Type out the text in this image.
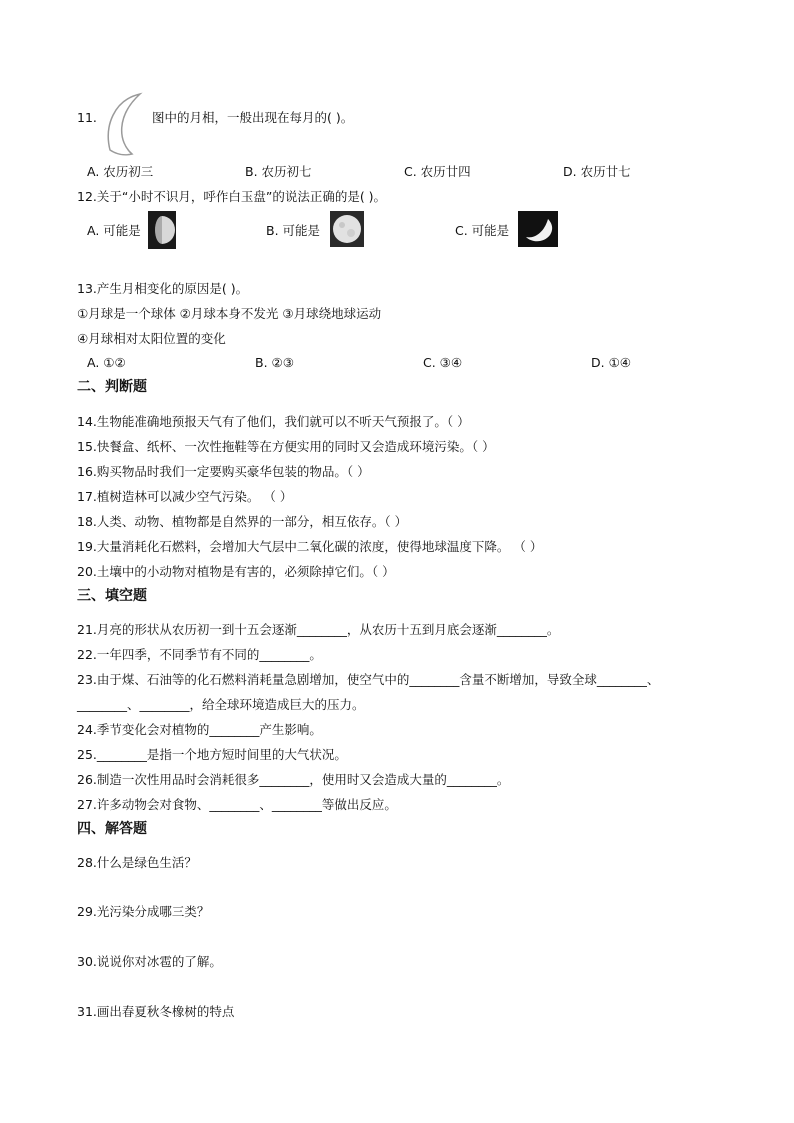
11.	图中的月相，一般出现在每月的( )。
A. 农历初三	B. 农历初七	C. 农历廿四	D. 农历廿七
12.关于“小时不识月，呼作白玉盘”的说法正确的是( )。
A. 可能是	B. 可能是	C. 可能是
13.产生月相变化的原因是( )。
①月球是一个球体 ②月球本身不发光 ③月球绕地球运动
④月球相对太阳位置的变化
A. ①②	B. ②③	C. ③④	D. ①④
二、判断题
14.生物能准确地预报天气有了他们，我们就可以不听天气预报了。（ ）
15.快餐盒、纸杯、一次性拖鞋等在方便实用的同时又会造成环境污染。（ ）
16.购买物品时我们一定要购买豪华包装的物品。（ ）
17.植树造林可以减少空气污染。 （ ）
18.人类、动物、植物都是自然界的一部分，相互依存。（ ）
19.大量消耗化石燃料，会增加大气层中二氧化碳的浓度，使得地球温度下降。 （ ）
20.土壤中的小动物对植物是有害的，必须除掉它们。（ ）
三、填空题
21.月亮的形状从农历初一到十五会逐渐________，从农历十五到月底会逐渐________。
22.一年四季，不同季节有不同的________。
23.由于煤、石油等的化石燃料消耗量急剧增加，使空气中的________含量不断增加，导致全球________、
________、________，给全球环境造成巨大的压力。
24.季节变化会对植物的________产生影响。
25.________是指一个地方短时间里的大气状况。
26.制造一次性用品时会消耗很多________，使用时又会造成大量的________。
27.许多动物会对食物、________、________等做出反应。
四、解答题
28.什么是绿色生活？
29.光污染分成哪三类？
30.说说你对冰雹的了解。
31.画出春夏秋冬橡树的特点
